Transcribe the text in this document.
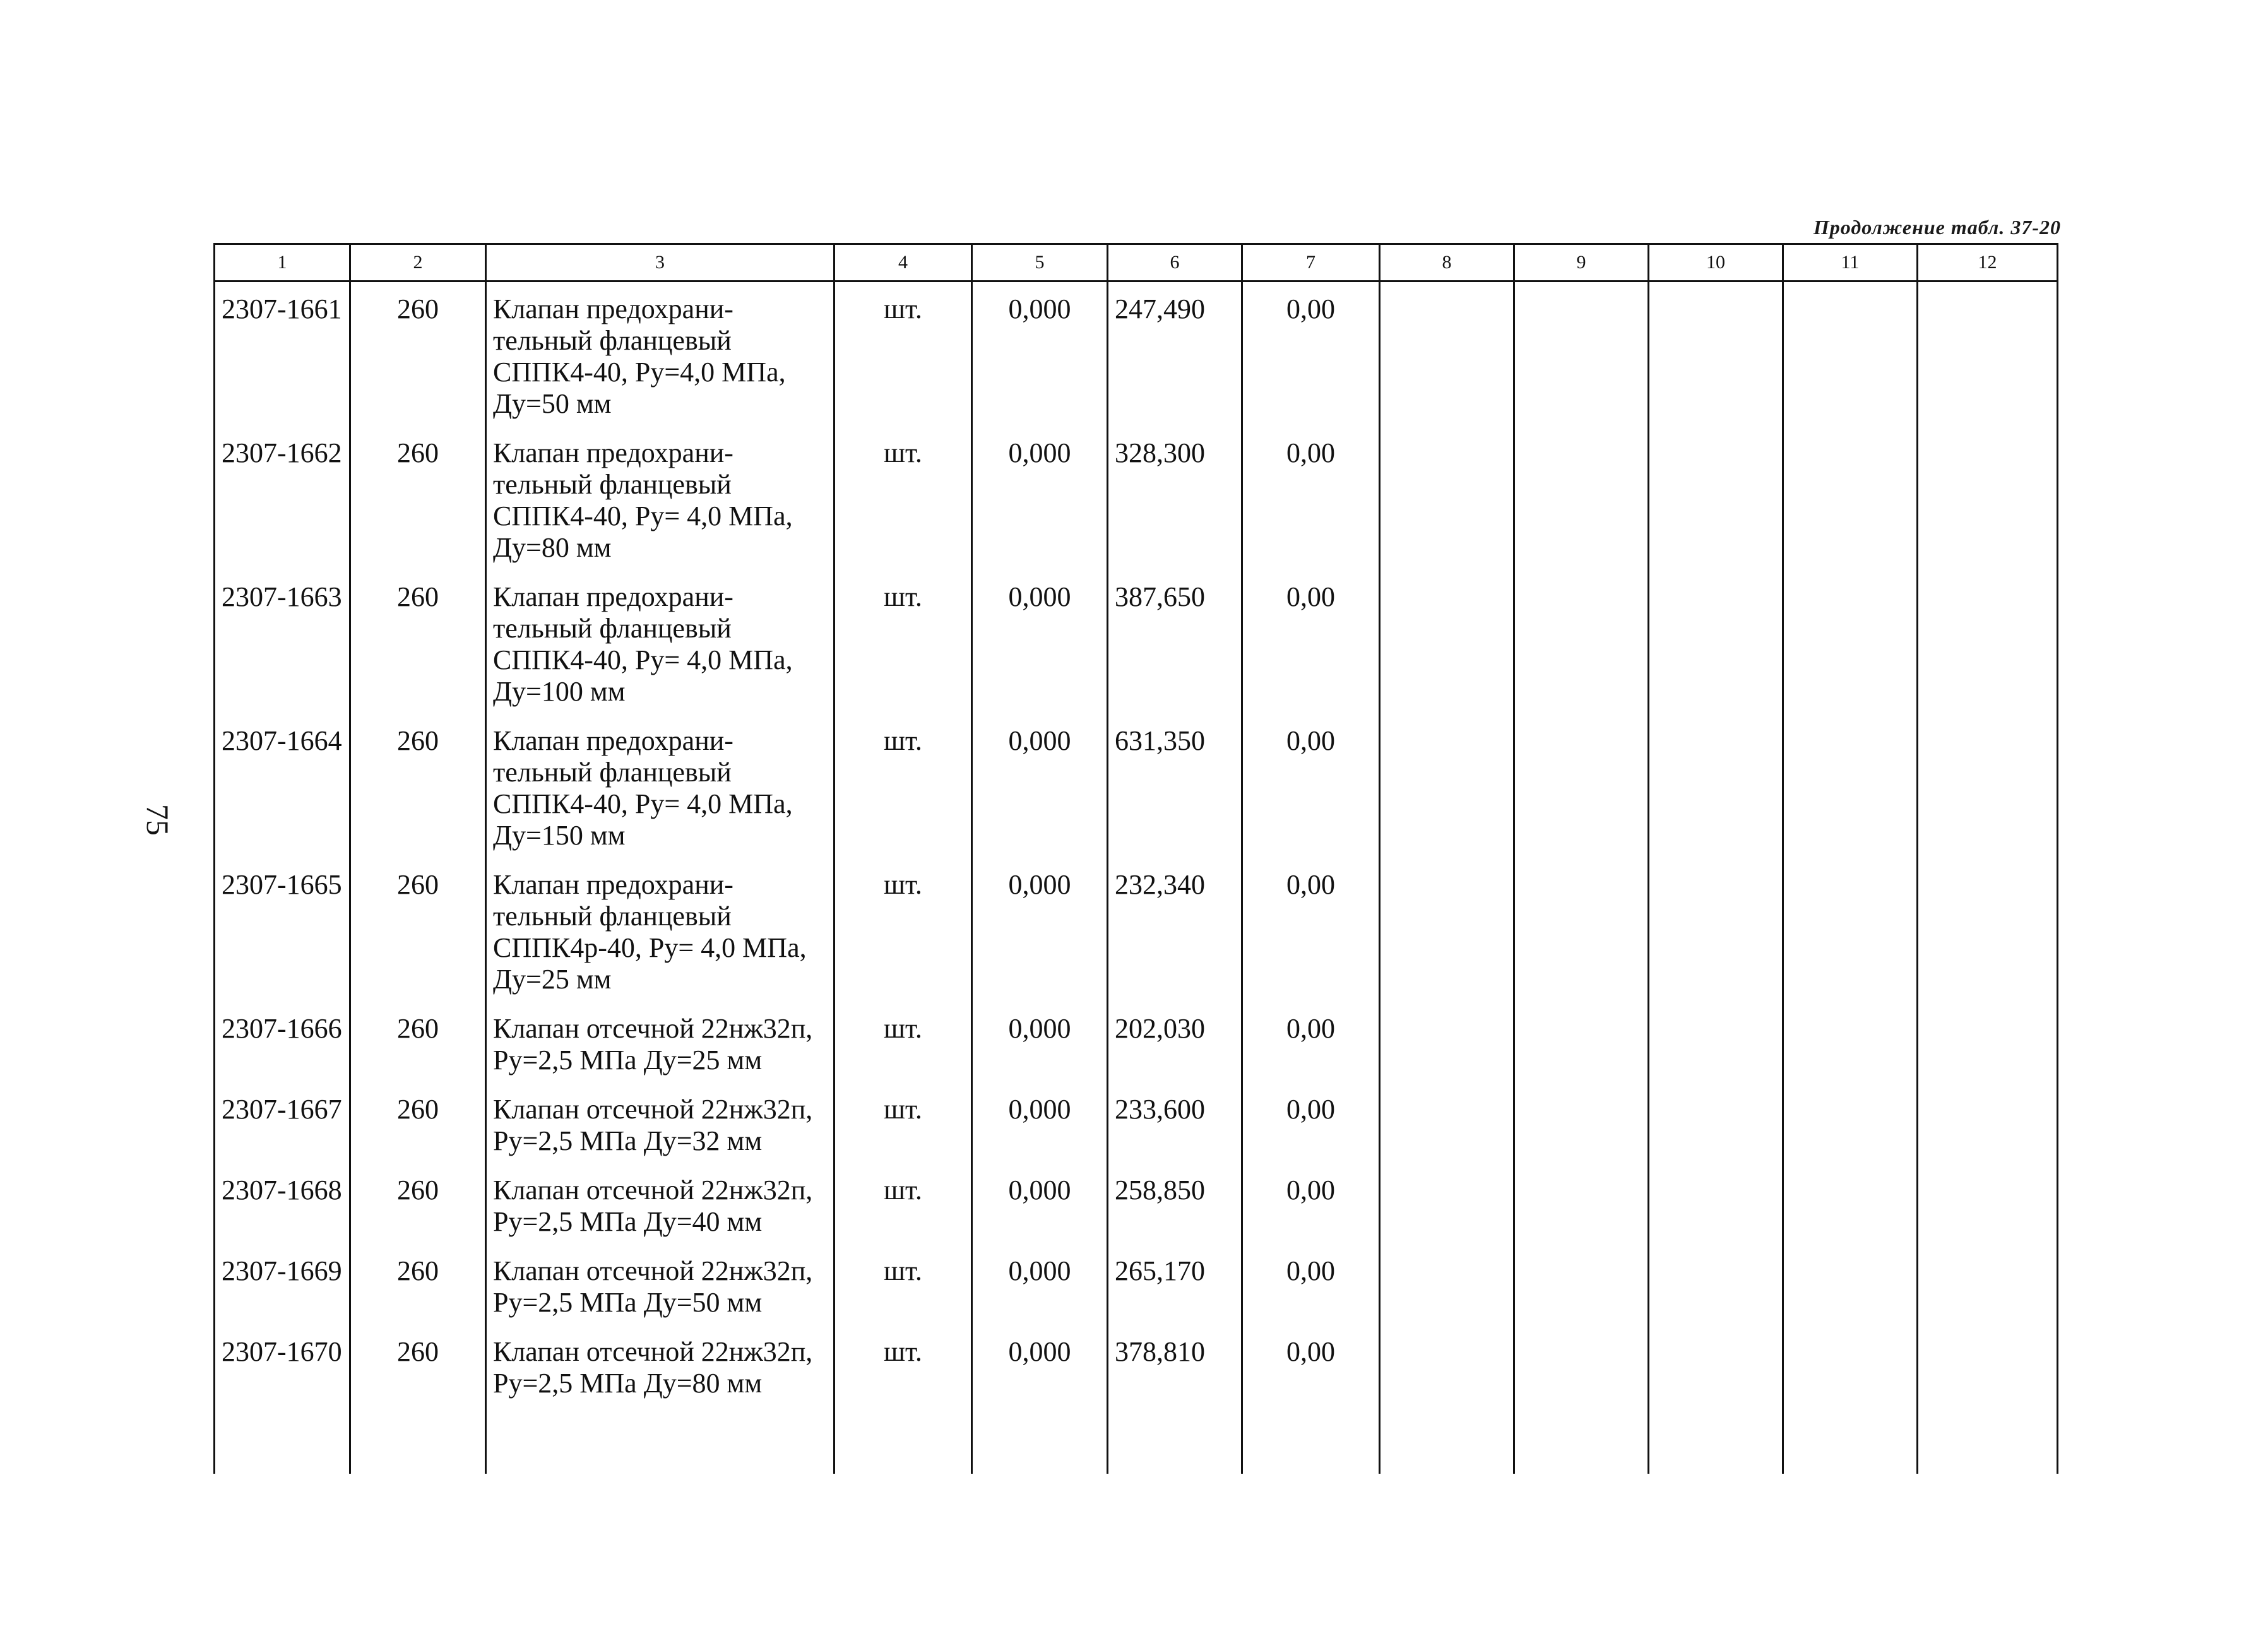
Продолжение табл. 37-20
75
1	2	3	4	5	6	7	8	9	10	11	12
2307-1661	260	Клапан предохрани-тельный фланцевый СППК4-40, Ру=4,0 МПа, Ду=50 мм	шт.	0,000	247,490	0,00					
2307-1662	260	Клапан предохрани-тельный фланцевый СППК4-40, Ру= 4,0 МПа, Ду=80 мм	шт.	0,000	328,300	0,00					
2307-1663	260	Клапан предохрани-тельный фланцевый СППК4-40, Ру= 4,0 МПа, Ду=100 мм	шт.	0,000	387,650	0,00					
2307-1664	260	Клапан предохрани-тельный фланцевый СППК4-40, Ру= 4,0 МПа, Ду=150 мм	шт.	0,000	631,350	0,00					
2307-1665	260	Клапан предохрани-тельный фланцевый СППК4р-40, Ру= 4,0 МПа, Ду=25 мм	шт.	0,000	232,340	0,00					
2307-1666	260	Клапан отсечной 22нж32п, Ру=2,5 МПа Ду=25 мм	шт.	0,000	202,030	0,00					
2307-1667	260	Клапан отсечной 22нж32п, Ру=2,5 МПа Ду=32 мм	шт.	0,000	233,600	0,00					
2307-1668	260	Клапан отсечной 22нж32п, Ру=2,5 МПа Ду=40 мм	шт.	0,000	258,850	0,00					
2307-1669	260	Клапан отсечной 22нж32п, Ру=2,5 МПа Ду=50 мм	шт.	0,000	265,170	0,00					
2307-1670	260	Клапан отсечной 22нж32п, Ру=2,5 МПа Ду=80 мм	шт.	0,000	378,810	0,00					
